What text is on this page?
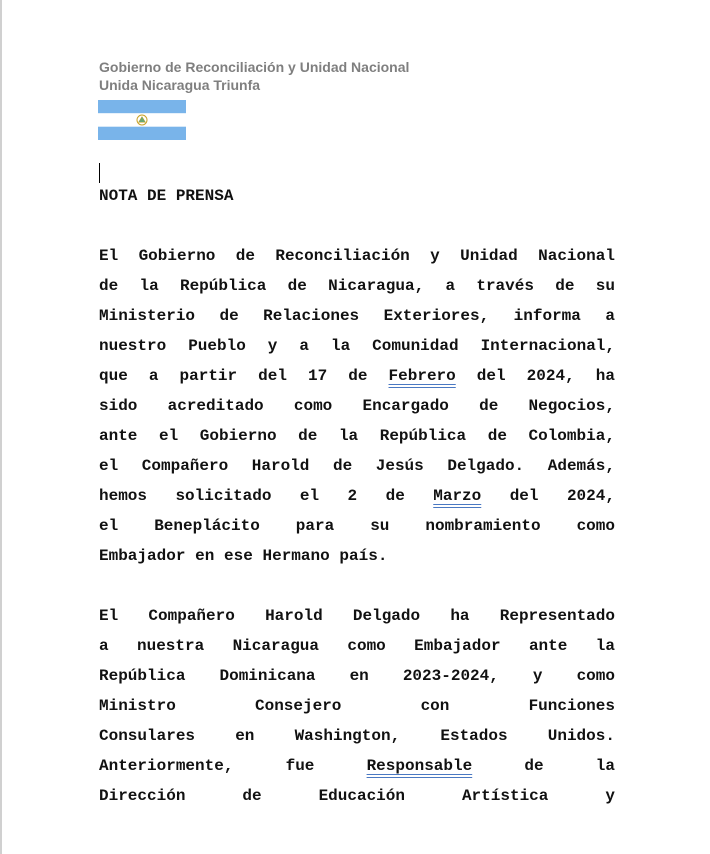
Gobierno de Reconciliación y Unidad Nacional
Unida Nicaragua Triunfa
NOTA DE PRENSA
El Gobierno de Reconciliación y Unidad Nacional
de la República de Nicaragua, a través de su
Ministerio de Relaciones Exteriores, informa a
nuestro Pueblo y a la Comunidad Internacional,
que a partir del 17 de Febrero del 2024, ha
sido acreditado como Encargado de Negocios,
ante el Gobierno de la República de Colombia,
el Compañero Harold de Jesús Delgado. Además,
hemos solicitado el 2 de Marzo del 2024,
el Beneplácito para su nombramiento como
Embajador en ese Hermano país.
El Compañero Harold Delgado ha Representado
a nuestra Nicaragua como Embajador ante la
República Dominicana en 2023-2024, y como
Ministro	Consejero	con	Funciones
Consulares	en	Washington,	Estados	Unidos.
Anteriormente,	fue	Responsable	de	la
Dirección	de	Educación	Artística	y
